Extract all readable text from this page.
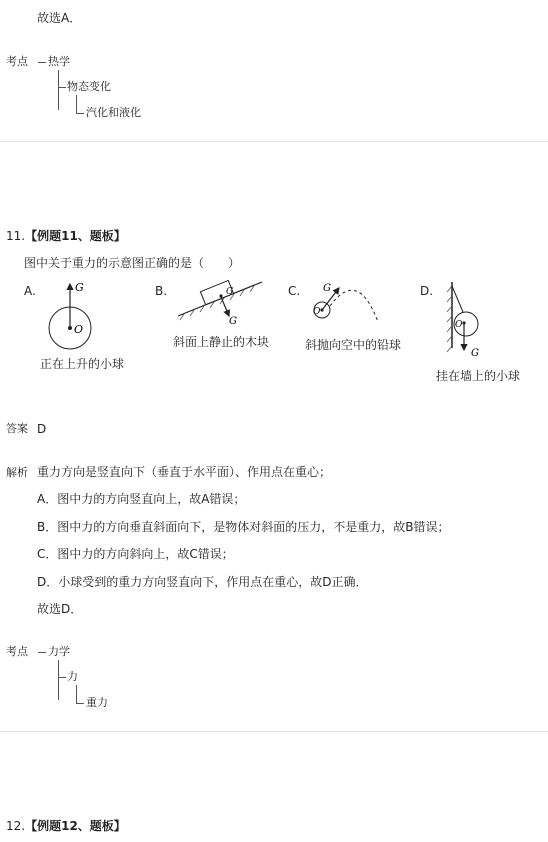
故选A．
考点 热学
物态变化
汽化和液化
11.【例题11、题板】
图中关于重力的示意图正确的是（　　）
A.	B.	C.	D.
G
O
G
G
G
O
O
G
正在上升的小球
斜面上静止的木块	斜抛向空中的铅球
挂在墙上的小球
答案 D
解析 重力方向是竖直向下（垂直于水平面）、作用点在重心；
A．图中力的方向竖直向上，故A错误；
B．图中力的方向垂直斜面向下，是物体对斜面的压力，不是重力，故B错误；
C．图中力的方向斜向上，故C错误；
D．小球受到的重力方向竖直向下，作用点在重心，故D正确．
故选D．
考点 力学
力
重力
12.【例题12、题板】
